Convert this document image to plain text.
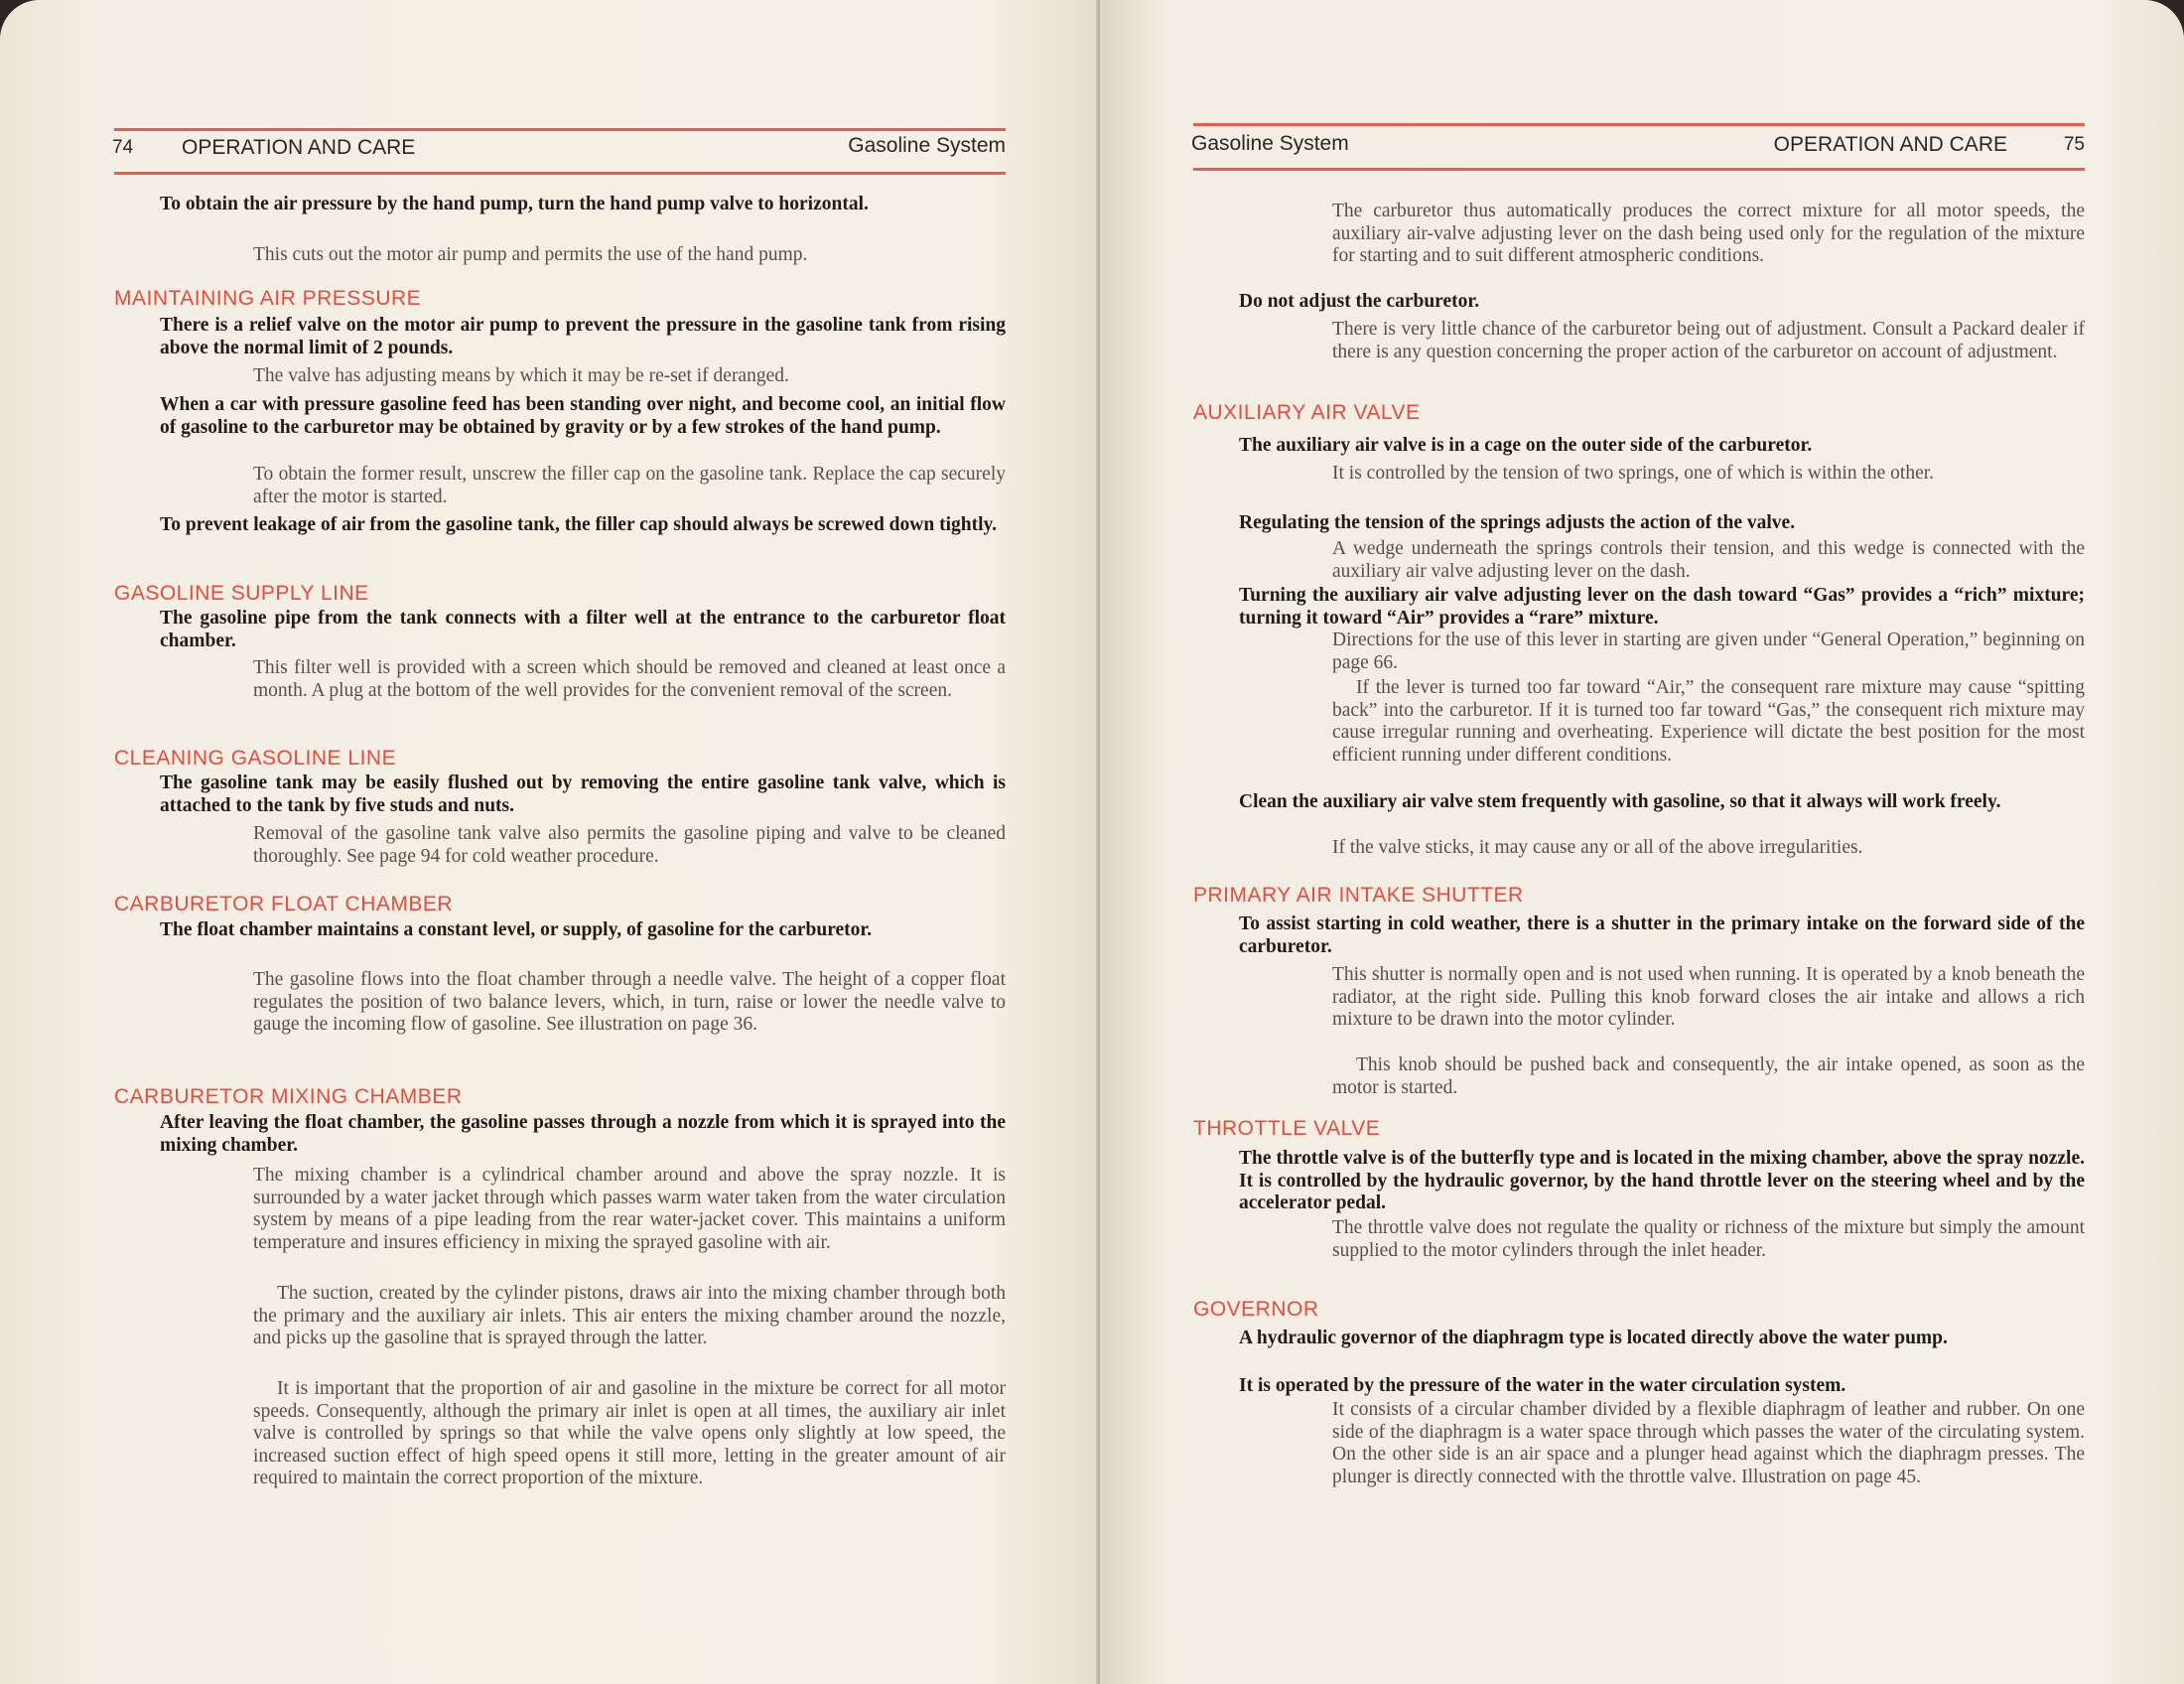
74 OPERATION AND CARE	Gasoline System
To obtain the air pressure by the hand pump, turn the hand pump valve to horizontal.
This cuts out the motor air pump and permits the use of the hand pump.
MAINTAINING AIR PRESSURE
There is a relief valve on the motor air pump to prevent the pressure in the gasoline tank from rising above the normal limit of 2 pounds.
The valve has adjusting means by which it may be re-set if deranged.
When a car with pressure gasoline feed has been standing over night, and become cool, an initial flow of gasoline to the carburetor may be obtained by gravity or by a few strokes of the hand pump.
To obtain the former result, unscrew the filler cap on the gasoline tank. Replace the cap securely after the motor is started.
To prevent leakage of air from the gasoline tank, the filler cap should always be screwed down tightly.
GASOLINE SUPPLY LINE
The gasoline pipe from the tank connects with a filter well at the entrance to the carburetor float chamber.
This filter well is provided with a screen which should be removed and cleaned at least once a month. A plug at the bottom of the well provides for the convenient removal of the screen.
CLEANING GASOLINE LINE
The gasoline tank may be easily flushed out by removing the entire gasoline tank valve, which is attached to the tank by five studs and nuts.
Removal of the gasoline tank valve also permits the gasoline piping and valve to be cleaned thoroughly. See page 94 for cold weather procedure.
CARBURETOR FLOAT CHAMBER
The float chamber maintains a constant level, or supply, of gasoline for the carburetor.
The gasoline flows into the float chamber through a needle valve. The height of a copper float regulates the position of two balance levers, which, in turn, raise or lower the needle valve to gauge the incoming flow of gasoline. See illustration on page 36.
CARBURETOR MIXING CHAMBER
After leaving the float chamber, the gasoline passes through a nozzle from which it is sprayed into the mixing chamber.
The mixing chamber is a cylindrical chamber around and above the spray nozzle. It is surrounded by a water jacket through which passes warm water taken from the water circulation system by means of a pipe leading from the rear water-jacket cover. This maintains a uniform temperature and insures efficiency in mixing the sprayed gasoline with air.
The suction, created by the cylinder pistons, draws air into the mixing chamber through both the primary and the auxiliary air inlets. This air enters the mixing chamber around the nozzle, and picks up the gasoline that is sprayed through the latter.
It is important that the proportion of air and gasoline in the mixture be correct for all motor speeds. Consequently, although the primary air inlet is open at all times, the auxiliary air inlet valve is controlled by springs so that while the valve opens only slightly at low speed, the increased suction effect of high speed opens it still more, letting in the greater amount of air required to maintain the correct proportion of the mixture.
Gasoline System	OPERATION AND CARE	75
The carburetor thus automatically produces the correct mixture for all motor speeds, the auxiliary air-valve adjusting lever on the dash being used only for the regulation of the mixture for starting and to suit different atmospheric conditions.
Do not adjust the carburetor.
There is very little chance of the carburetor being out of adjustment. Consult a Packard dealer if there is any question concerning the proper action of the carburetor on account of adjustment.
AUXILIARY AIR VALVE
The auxiliary air valve is in a cage on the outer side of the carburetor.
It is controlled by the tension of two springs, one of which is within the other.
Regulating the tension of the springs adjusts the action of the valve.
A wedge underneath the springs controls their tension, and this wedge is connected with the auxiliary air valve adjusting lever on the dash.
Turning the auxiliary air valve adjusting lever on the dash toward “Gas” provides a “rich” mixture; turning it toward “Air” provides a “rare” mixture.
Directions for the use of this lever in starting are given under “General Operation,” beginning on page 66.
If the lever is turned too far toward “Air,” the consequent rare mixture may cause “spitting back” into the carburetor. If it is turned too far toward “Gas,” the consequent rich mixture may cause irregular running and overheating. Experience will dictate the best position for the most efficient running under different conditions.
Clean the auxiliary air valve stem frequently with gasoline, so that it always will work freely.
If the valve sticks, it may cause any or all of the above irregularities.
PRIMARY AIR INTAKE SHUTTER
To assist starting in cold weather, there is a shutter in the primary intake on the forward side of the carburetor.
This shutter is normally open and is not used when running. It is operated by a knob beneath the radiator, at the right side. Pulling this knob forward closes the air intake and allows a rich mixture to be drawn into the motor cylinder.
This knob should be pushed back and consequently, the air intake opened, as soon as the motor is started.
THROTTLE VALVE
The throttle valve is of the butterfly type and is located in the mixing chamber, above the spray nozzle. It is controlled by the hydraulic governor, by the hand throttle lever on the steering wheel and by the accelerator pedal.
The throttle valve does not regulate the quality or richness of the mixture but simply the amount supplied to the motor cylinders through the inlet header.
GOVERNOR
A hydraulic governor of the diaphragm type is located directly above the water pump.
It is operated by the pressure of the water in the water circulation system.
It consists of a circular chamber divided by a flexible diaphragm of leather and rubber. On one side of the diaphragm is a water space through which passes the water of the circulating system. On the other side is an air space and a plunger head against which the diaphragm presses. The plunger is directly connected with the throttle valve. Illustration on page 45.
